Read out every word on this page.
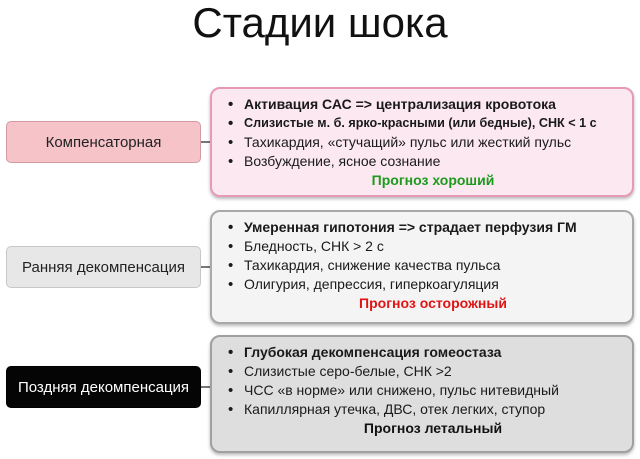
Стадии шока
Компенсаторная
• Активация САС => централизация кровотока
• Слизистые м. б. ярко-красными (или бедные), СНК < 1 с
• Тахикардия, «стучащий» пульс или жесткий пульс
• Возбуждение, ясное сознание
Прогноз хороший
Ранняя декомпенсация
• Умеренная гипотония => страдает перфузия ГМ
• Бледность, СНК > 2 с
• Тахикардия, снижение качества пульса
• Олигурия, депрессия, гиперкоагуляция
Прогноз осторожный
Поздняя декомпенсация
• Глубокая декомпенсация гомеостаза
• Слизистые серо-белые, СНК >2
• ЧСС «в норме» или снижено, пульс нитевидный
• Капиллярная утечка, ДВС, отек легких, ступор
Прогноз летальный
